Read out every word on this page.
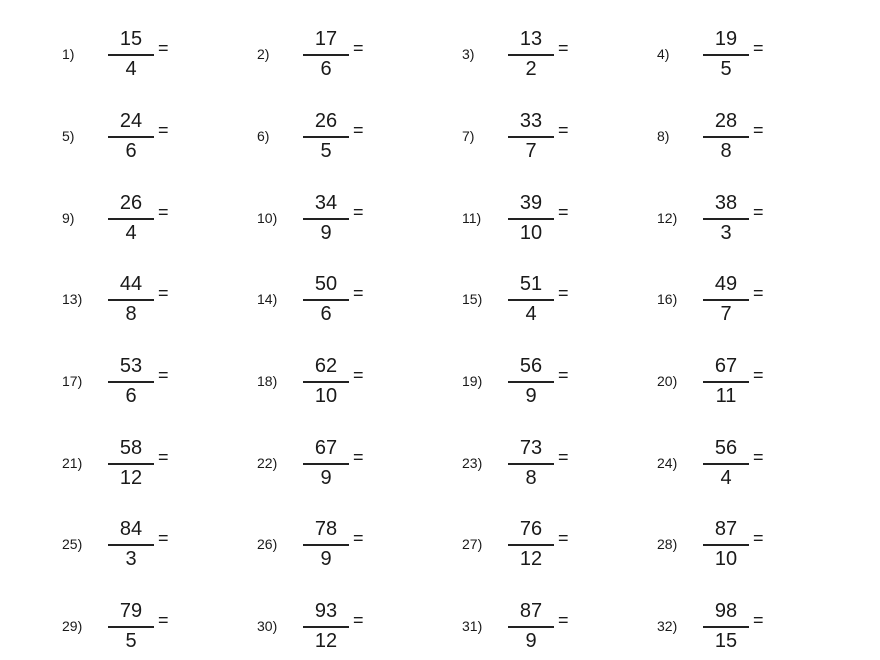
1)
15
4
=	2)
17
6
=	3)
13
2
=	4)
19
5
=
5)
24
6
=	6)
26
5
=	7)
33
7
=	8)
28
8
=
9)
26
4
=	10)
34
9
=	11)
39
10
=	12)
38
3
=
13)
44
8
=	14)
50
6
=	15)
51
4
=	16)
49
7
=
17)
53
6
=	18)
62
10
=	19)
56
9
=	20)
67
11
=
21)
58
12
=	22)
67
9
=	23)
73
8
=	24)
56
4
=
25)
84
3
=	26)
78
9
=	27)
76
12
=	28)
87
10
=
29)
79
5
=	30)
93
12
=	31)
87
9
=	32)
98
15
=
